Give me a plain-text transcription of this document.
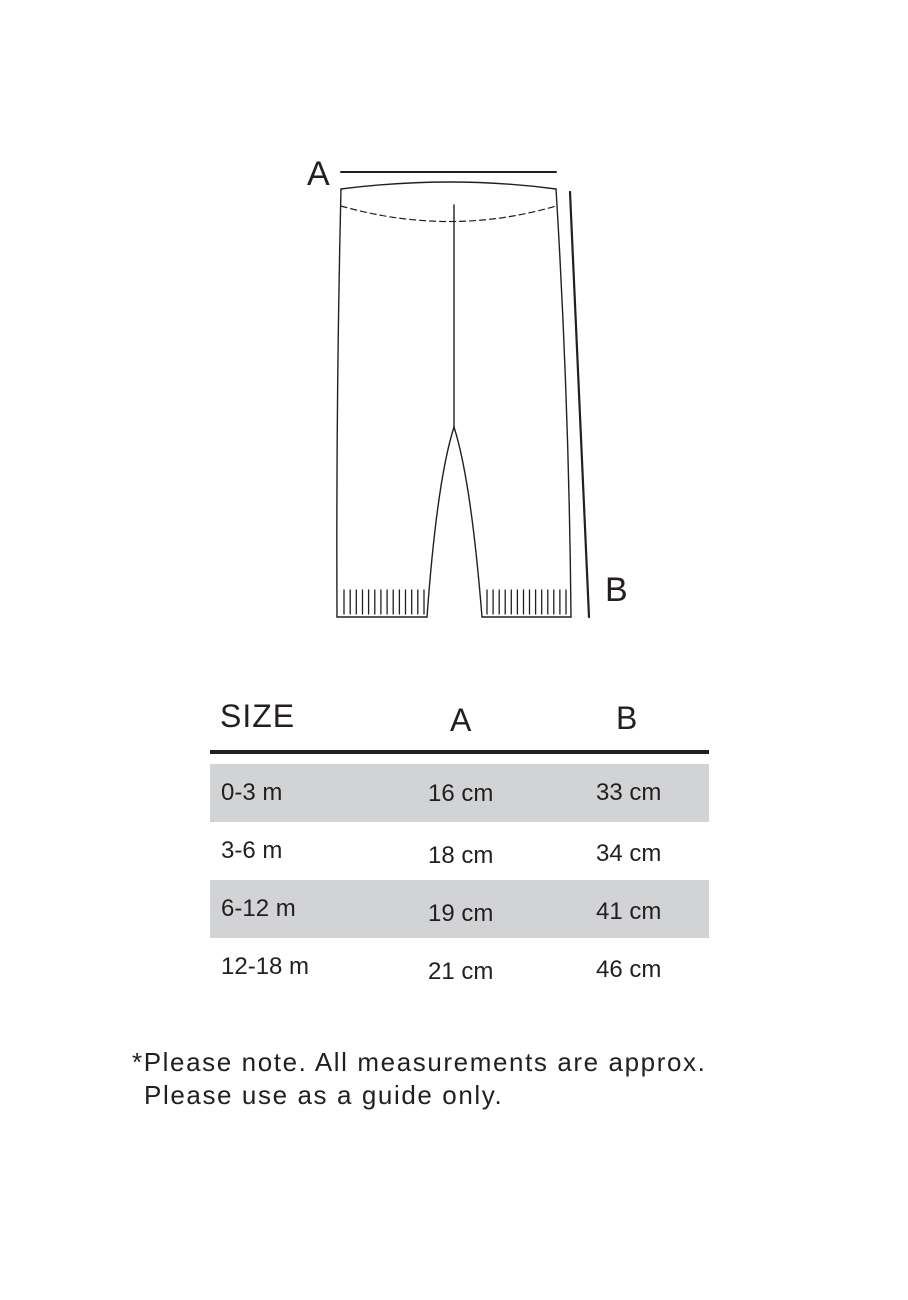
A
B
SIZE	A	B
0-3 m	16 cm	33 cm
3-6 m	18 cm	34 cm
6-12 m	19 cm	41 cm
12-18 m	21 cm	46 cm
*Please note. All measurements are approx.
Please use as a guide only.
